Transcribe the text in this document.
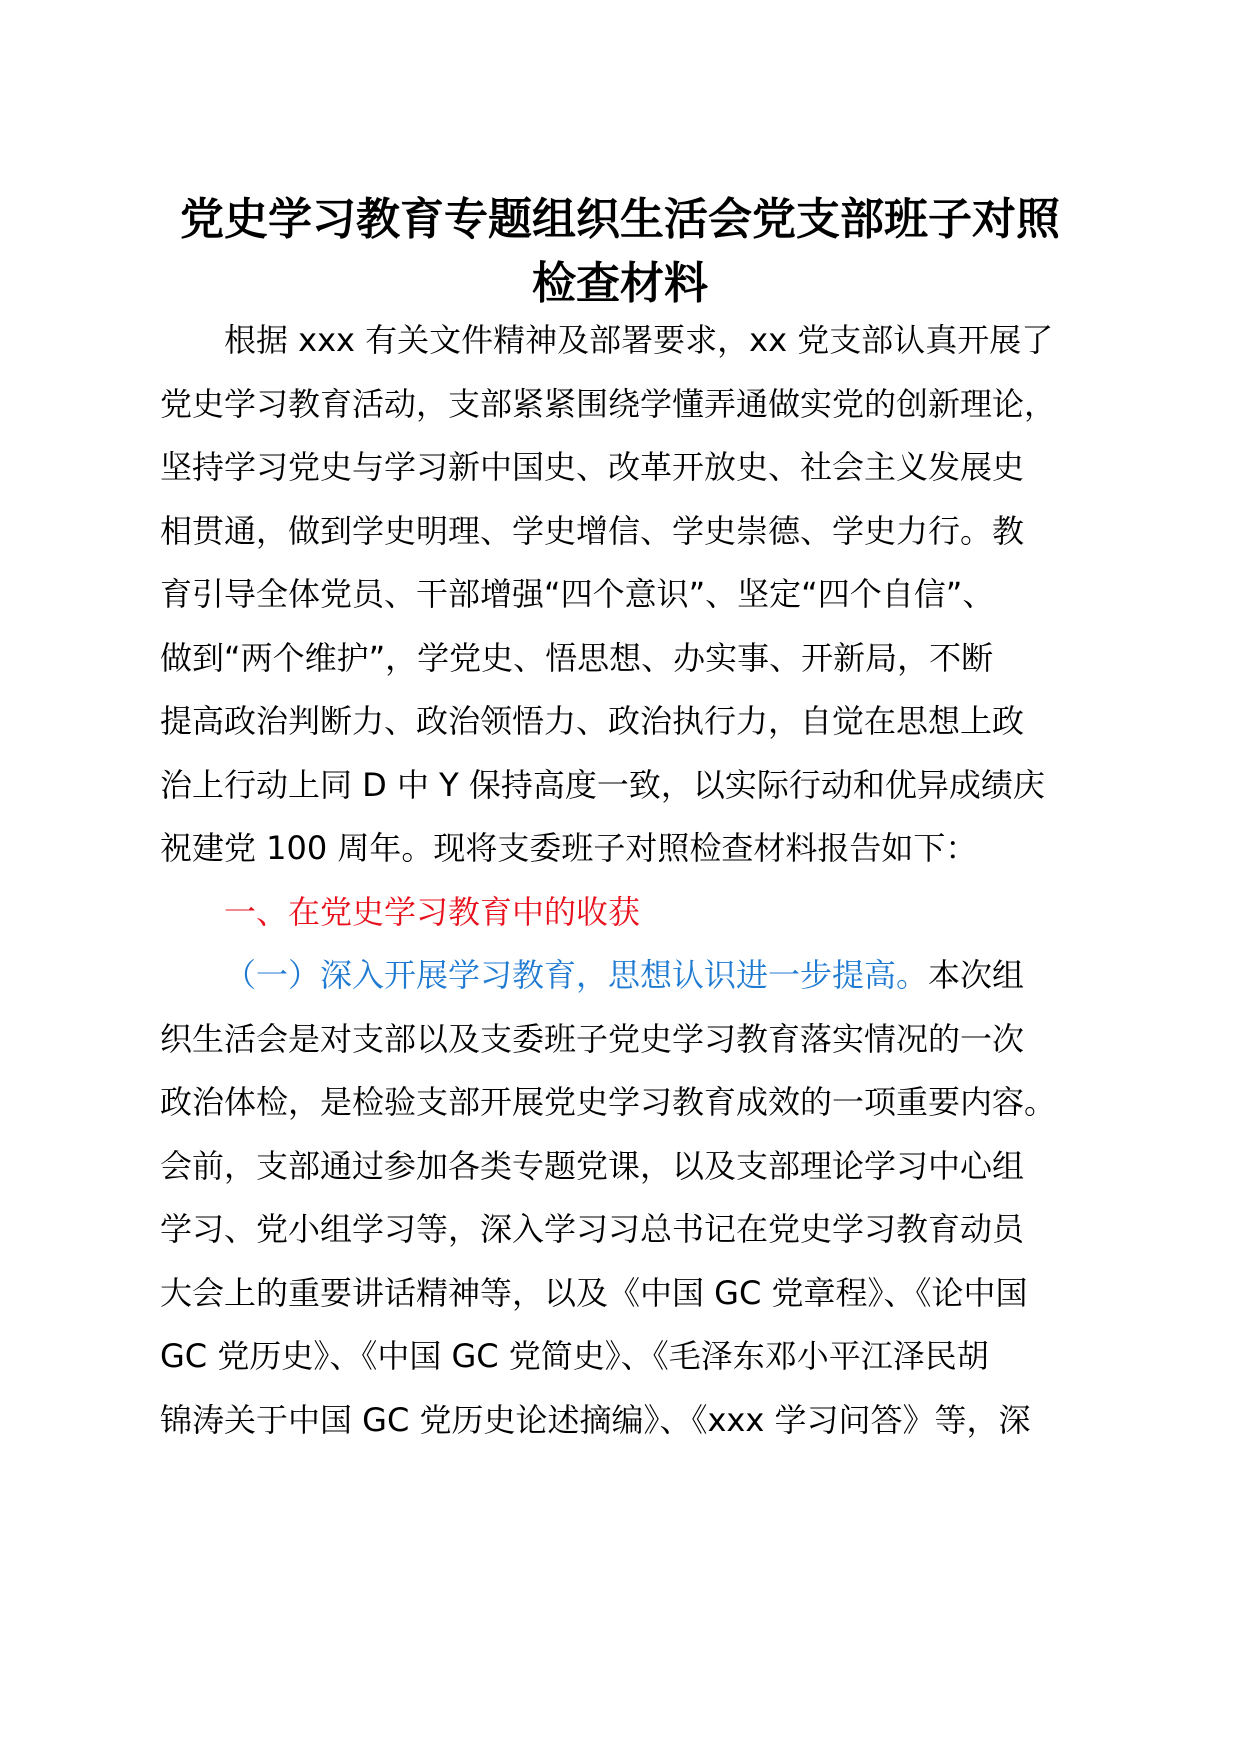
党史学习教育专题组织生活会党支部班子对照
检查材料
根据 xxx 有关文件精神及部署要求，xx 党支部认真开展了
党史学习教育活动，支部紧紧围绕学懂弄通做实党的创新理论，
坚持学习党史与学习新中国史、改革开放史、社会主义发展史
相贯通，做到学史明理、学史增信、学史崇德、学史力行。教
育引导全体党员、干部增强“四个意识”、坚定“四个自信”、
做到“两个维护”，学党史、悟思想、办实事、开新局，不断
提高政治判断力、政治领悟力、政治执行力，自觉在思想上政
治上行动上同 D 中 Y 保持高度一致，以实际行动和优异成绩庆
祝建党 100 周年。现将支委班子对照检查材料报告如下：
一、在党史学习教育中的收获
（一）深入开展学习教育，思想认识进一步提高。本次组
织生活会是对支部以及支委班子党史学习教育落实情况的一次
政治体检，是检验支部开展党史学习教育成效的一项重要内容。
会前，支部通过参加各类专题党课，以及支部理论学习中心组
学习、党小组学习等，深入学习习总书记在党史学习教育动员
大会上的重要讲话精神等，以及《中国 GC 党章程》、《论中国
GC 党历史》、《中国 GC 党简史》、《毛泽东邓小平江泽民胡
锦涛关于中国 GC 党历史论述摘编》、《xxx 学习问答》等，深
